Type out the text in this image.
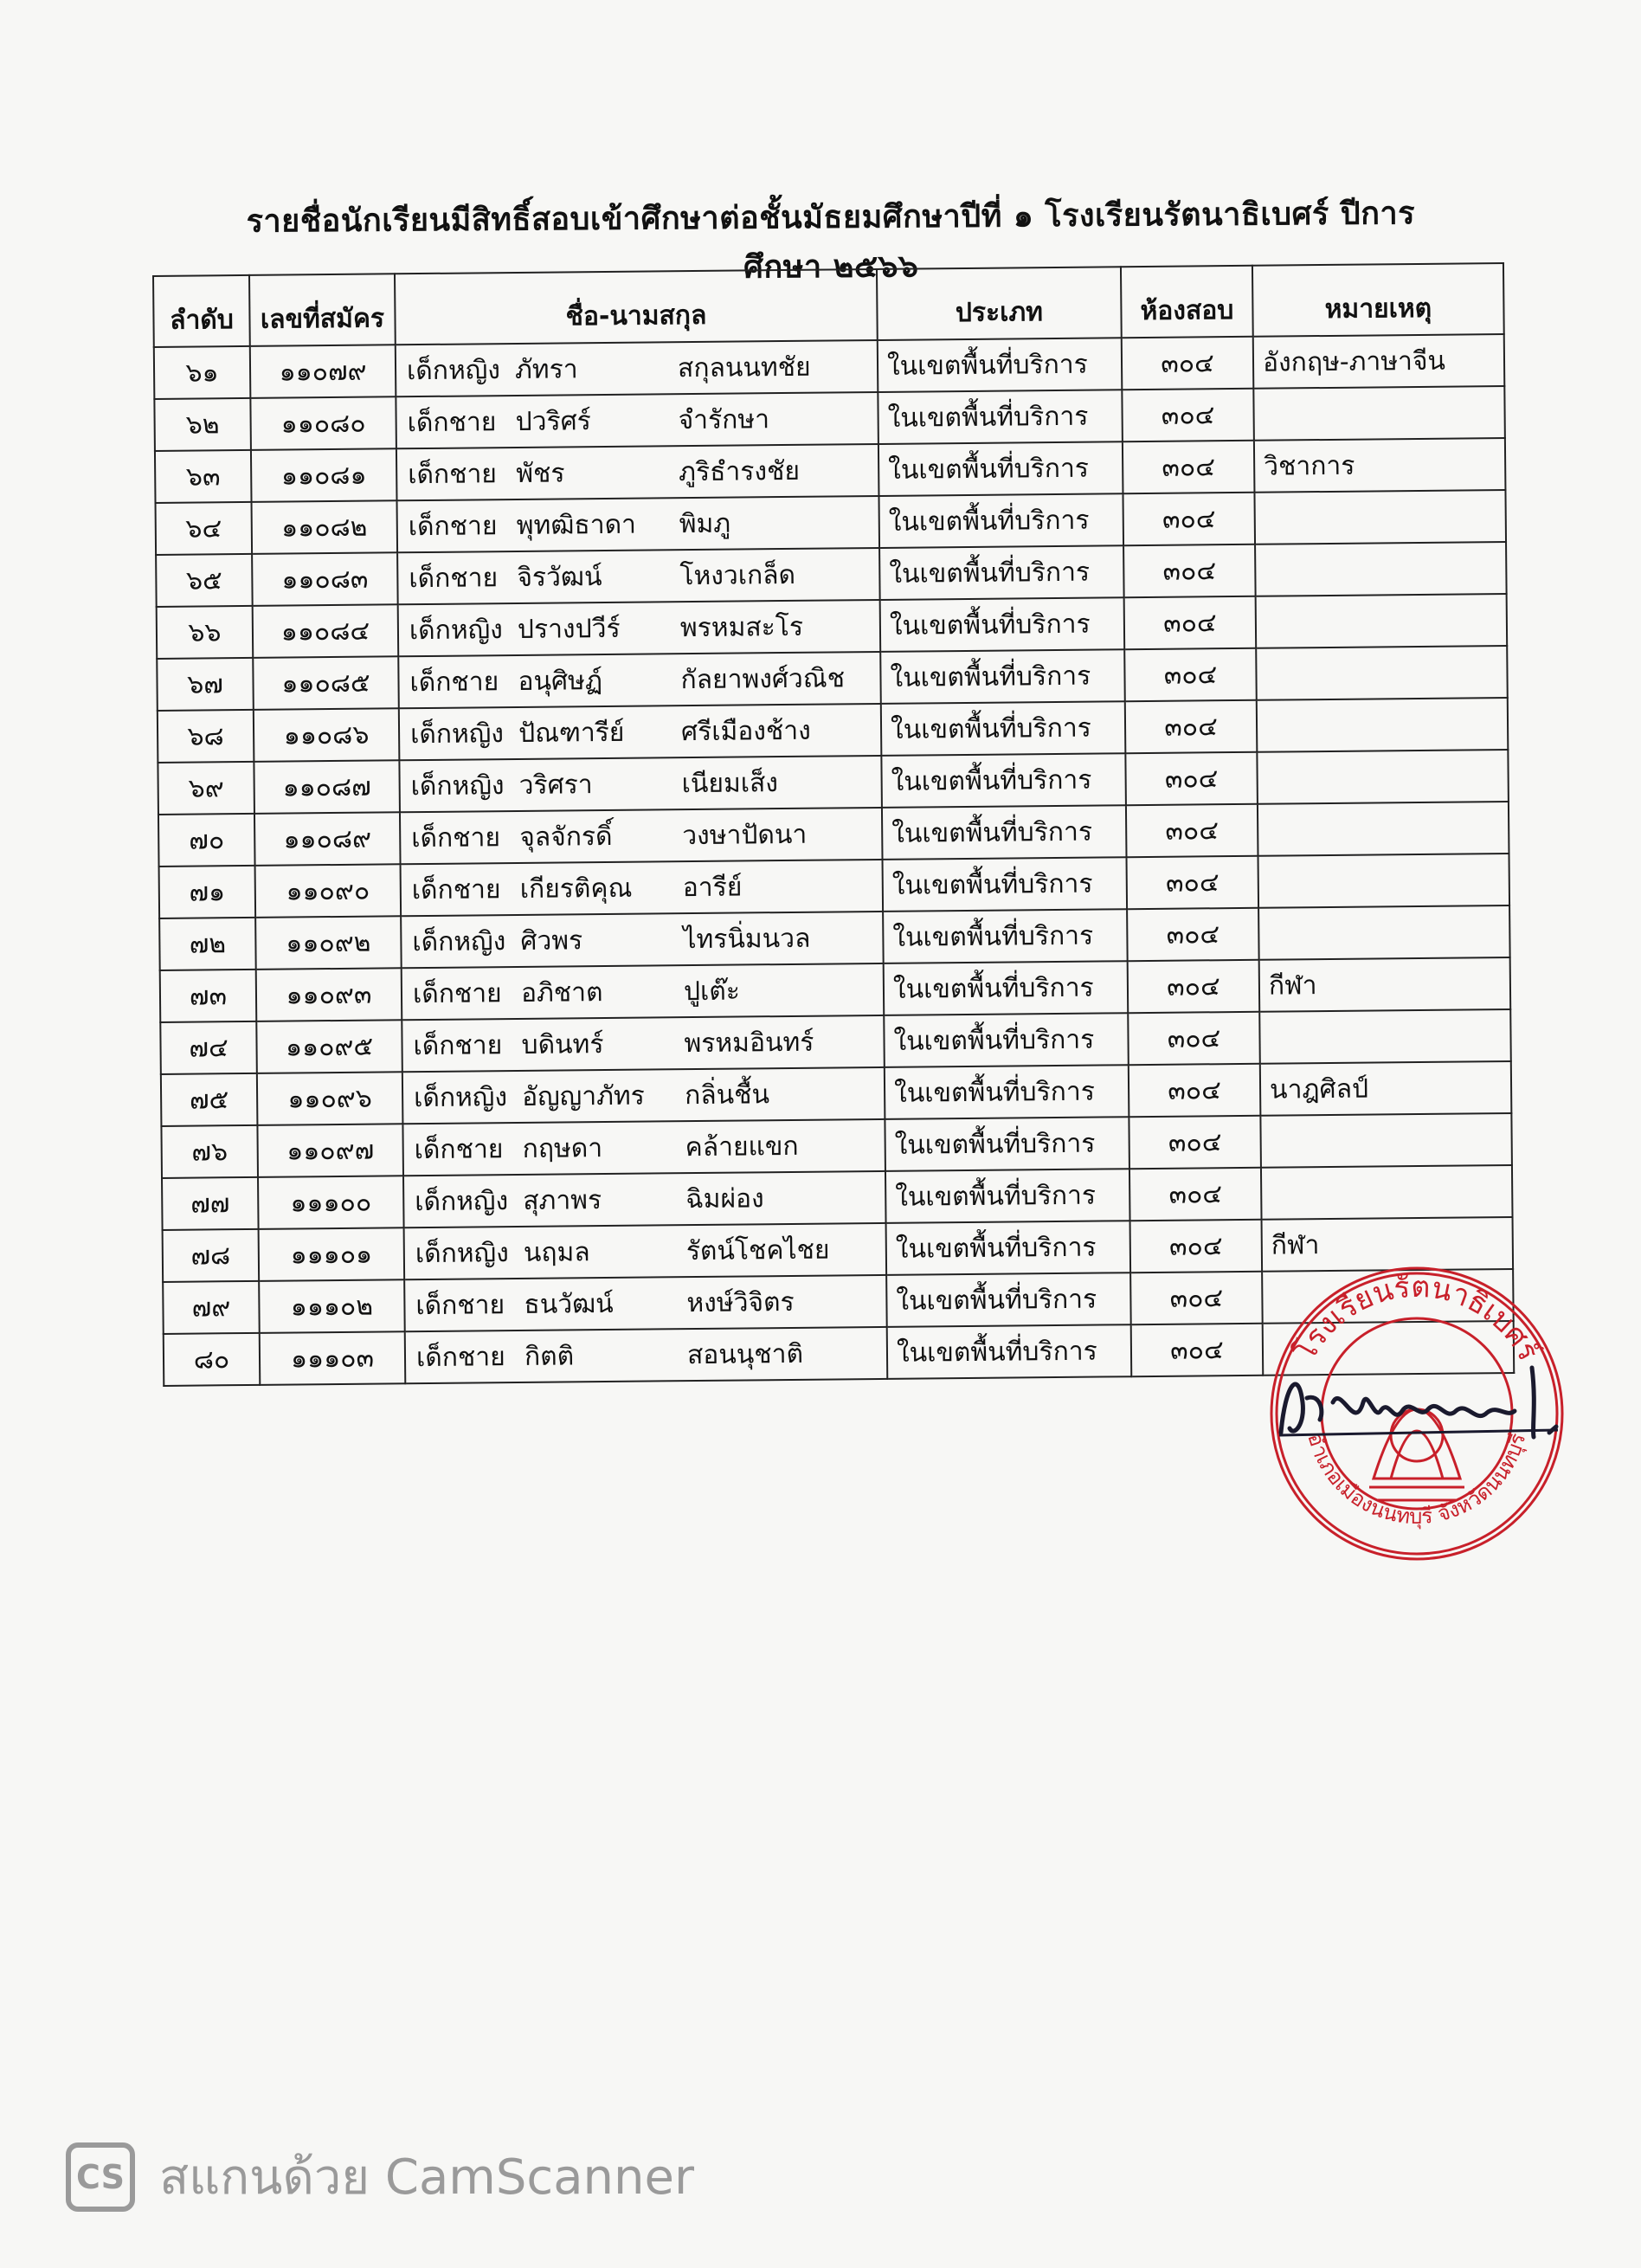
รายชื่อนักเรียนมีสิทธิ์สอบเข้าศึกษาต่อชั้นมัธยมศึกษาปีที่ ๑ โรงเรียนรัตนาธิเบศร์ ปีการศึกษา ๒๕๖๖
ลำดับ	เลขที่สมัคร	ชื่อ-นามสกุล	ประเภท	ห้องสอบ	หมายเหตุ
๖๑	๑๑๐๗๙	เด็กหญิง ภัทรา สกุลนนทชัย	ในเขตพื้นที่บริการ	๓๐๔	อังกฤษ-ภาษาจีน
๖๒	๑๑๐๘๐	เด็กชาย ปวริศร์ จำรักษา	ในเขตพื้นที่บริการ	๓๐๔	
๖๓	๑๑๐๘๑	เด็กชาย พัชร ภูริธำรงชัย	ในเขตพื้นที่บริการ	๓๐๔	วิชาการ
๖๔	๑๑๐๘๒	เด็กชาย พุทฒิธาดา พิมภู	ในเขตพื้นที่บริการ	๓๐๔	
๖๕	๑๑๐๘๓	เด็กชาย จิรวัฒน์ โหงวเกล็ด	ในเขตพื้นที่บริการ	๓๐๔	
๖๖	๑๑๐๘๔	เด็กหญิง ปรางปวีร์ พรหมสะโร	ในเขตพื้นที่บริการ	๓๐๔	
๖๗	๑๑๐๘๕	เด็กชาย อนุศิษฏ์ กัลยาพงศ์วณิช	ในเขตพื้นที่บริการ	๓๐๔	
๖๘	๑๑๐๘๖	เด็กหญิง ปัณฑารีย์ ศรีเมืองช้าง	ในเขตพื้นที่บริการ	๓๐๔	
๖๙	๑๑๐๘๗	เด็กหญิง วริศรา เนียมเส็ง	ในเขตพื้นที่บริการ	๓๐๔	
๗๐	๑๑๐๘๙	เด็กชาย จุลจักรดิ์ วงษาปัดนา	ในเขตพื้นที่บริการ	๓๐๔	
๗๑	๑๑๐๙๐	เด็กชาย เกียรติคุณ อารีย์	ในเขตพื้นที่บริการ	๓๐๔	
๗๒	๑๑๐๙๒	เด็กหญิง ศิวพร ไทรนิ่มนวล	ในเขตพื้นที่บริการ	๓๐๔	
๗๓	๑๑๐๙๓	เด็กชาย อภิชาต ปูเต๊ะ	ในเขตพื้นที่บริการ	๓๐๔	กีฬา
๗๔	๑๑๐๙๕	เด็กชาย บดินทร์ พรหมอินทร์	ในเขตพื้นที่บริการ	๓๐๔	
๗๕	๑๑๐๙๖	เด็กหญิง อัญญาภัทร กลิ่นชื้น	ในเขตพื้นที่บริการ	๓๐๔	นาฎศิลป์
๗๖	๑๑๐๙๗	เด็กชาย กฤษดา คล้ายแขก	ในเขตพื้นที่บริการ	๓๐๔	
๗๗	๑๑๑๐๐	เด็กหญิง สุภาพร ฉิมผ่อง	ในเขตพื้นที่บริการ	๓๐๔	
๗๘	๑๑๑๐๑	เด็กหญิง นฤมล รัตน์โชคไชย	ในเขตพื้นที่บริการ	๓๐๔	กีฬา
๗๙	๑๑๑๐๒	เด็กชาย ธนวัฒน์ หงษ์วิจิตร	ในเขตพื้นที่บริการ	๓๐๔	
๘๐	๑๑๑๐๓	เด็กชาย กิตติ สอนนุชาติ	ในเขตพื้นที่บริการ	๓๐๔	โรงเรียนรัตนาธิเบศร์
อำเภอเมืองนนทบุรี จังหวัดนนทบุรี
CS สแกนด้วย CamScanner
